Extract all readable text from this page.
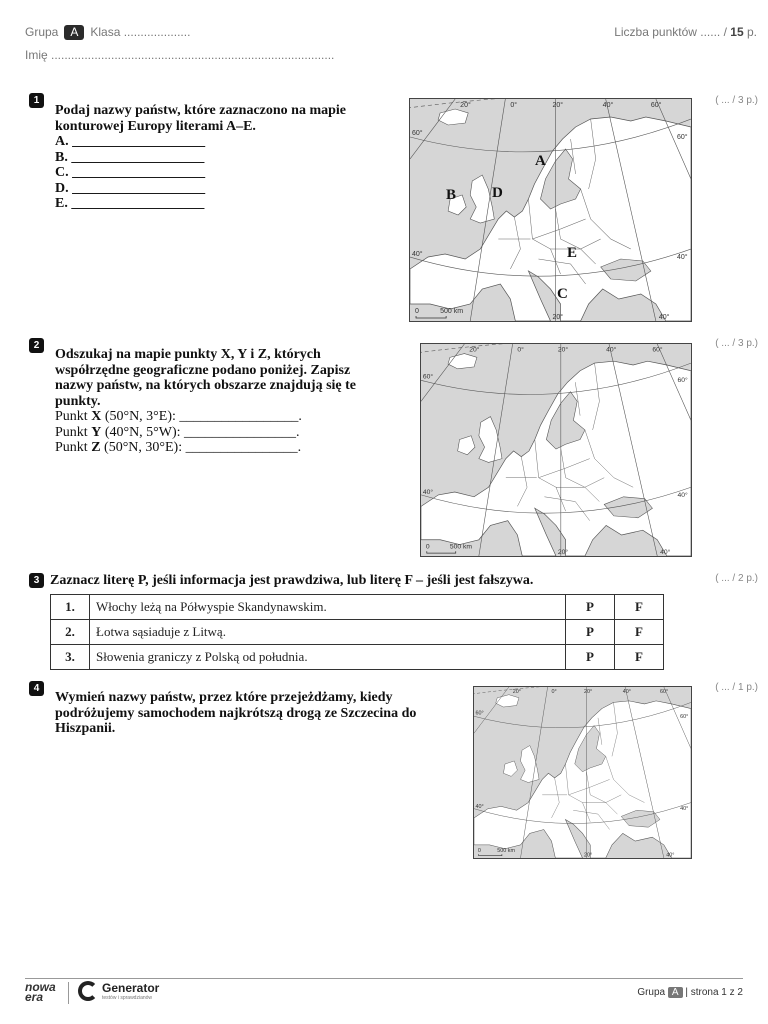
Grupa A Klasa ....................	Liczba punktów ...... / 15 p.
Imię .....................................................................................
1
Podaj nazwy państw, które zaznaczono na mapie
konturowej Europy literami A–E.
A. ___________________
B. ___________________
C. ___________________
D. ___________________
E. ___________________
( ... / 3 p.)
20°	0°	20°	40°	60°
60°
40°
60°
40°
20°	40°
0	500 km
A
B
C
D
E
2
Odszukaj na mapie punkty X, Y i Z, których
współrzędne geograficzne podano poniżej. Zapisz
nazwy państw, na których obszarze znajdują się te
punkty.
Punkt X (50°N, 3°E): _________________.
Punkt Y (40°N, 5°W): ________________.
Punkt Z (50°N, 30°E): ________________.
( ... / 3 p.)
20°	0°	20°	40°	60°
60°
40°
60°
40°
20°	40°
0	500 km
3 Zaznacz literę P, jeśli informacja jest prawdziwa, lub literę F – jeśli jest fałszywa.	( ... / 2 p.)
1.	Włochy leżą na Półwyspie Skandynawskim.	P	F
2.	Łotwa sąsiaduje z Litwą.	P	F
3.	Słowenia graniczy z Polską od południa.	P	F
4
Wymień nazwy państw, przez które przejeżdżamy, kiedy
podróżujemy samochodem najkrótszą drogą ze Szczecina do
Hiszpanii.
( ... / 1 p.)
20°	0°	20°	40°	60°
60°
40°
60°
40°
20°	40°
0 500 km
nowa
era
Generator
testów i sprawdzianów	Grupa A | strona 1 z 2
